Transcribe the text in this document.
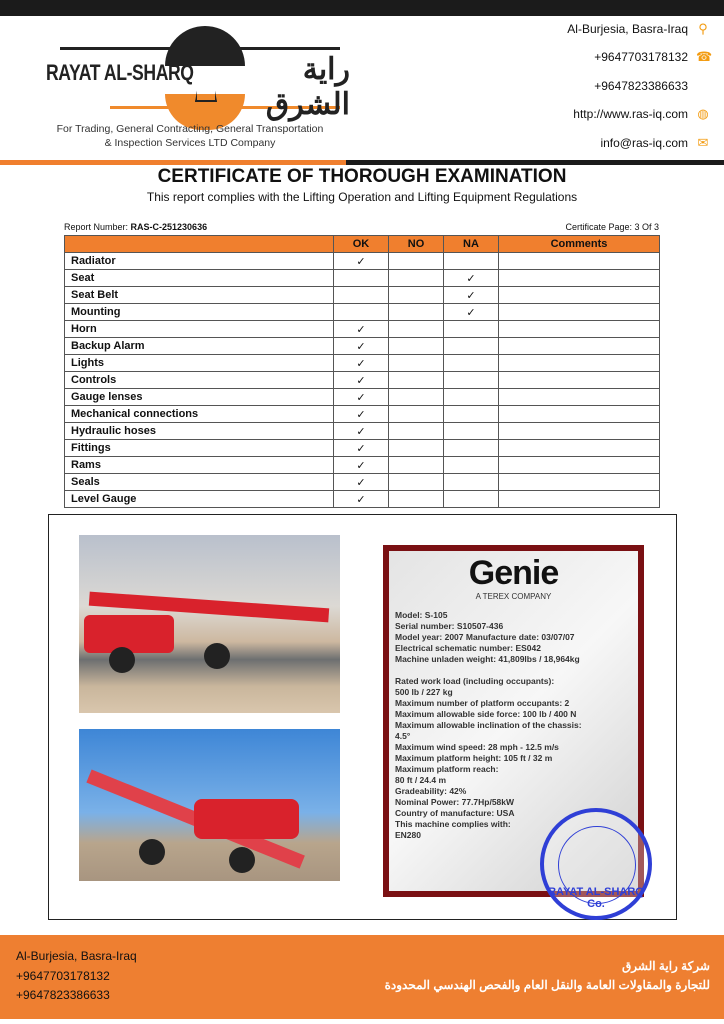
RAYAT AL-SHARQ	راية الشرق
For Trading, General Contracting, General Transportation
& Inspection Services LTD Company
Al-Burjesia, Basra-Iraq ⚲
+9647703178132 ☎
+9647823386633
http://www.ras-iq.com ◍
info@ras-iq.com ✉
CERTIFICATE OF THOROUGH EXAMINATION
This report complies with the Lifting Operation and Lifting Equipment Regulations
Report Number: RAS-C-251230636	Certificate Page: 3 Of 3
	OK	NO	NA	Comments
Radiator	✓			
Seat			✓	
Seat Belt			✓	
Mounting			✓	
Horn	✓			
Backup Alarm	✓			
Lights	✓			
Controls	✓			
Gauge lenses	✓			
Mechanical connections	✓			
Hydraulic hoses	✓			
Fittings	✓			
Rams	✓			
Seals	✓			
Level Gauge	✓			
Genie
A TEREX COMPANY
Model: S-105
Serial number: S10507-436
Model year: 2007 Manufacture date: 03/07/07
Electrical schematic number: ES042
Machine unladen weight: 41,809lbs / 18,964kg
Rated work load (including occupants):
500 lb / 227 kg
Maximum number of platform occupants: 2
Maximum allowable side force: 100 lb / 400 N
Maximum allowable inclination of the chassis:
4.5°
Maximum wind speed: 28 mph - 12.5 m/s
Maximum platform height: 105 ft / 32 m
Maximum platform reach:
80 ft / 24.4 m
Gradeability: 42%
Nominal Power: 77.7Hp/58kW
Country of manufacture: USA
This machine complies with:
EN280
RAYAT AL-SHARQ Co.
Al-Burjesia, Basra-Iraq
+9647703178132
+9647823386633
شركة راية الشرق
للتجارة والمقاولات العامة والنقل العام والفحص الهندسي المحدودة
